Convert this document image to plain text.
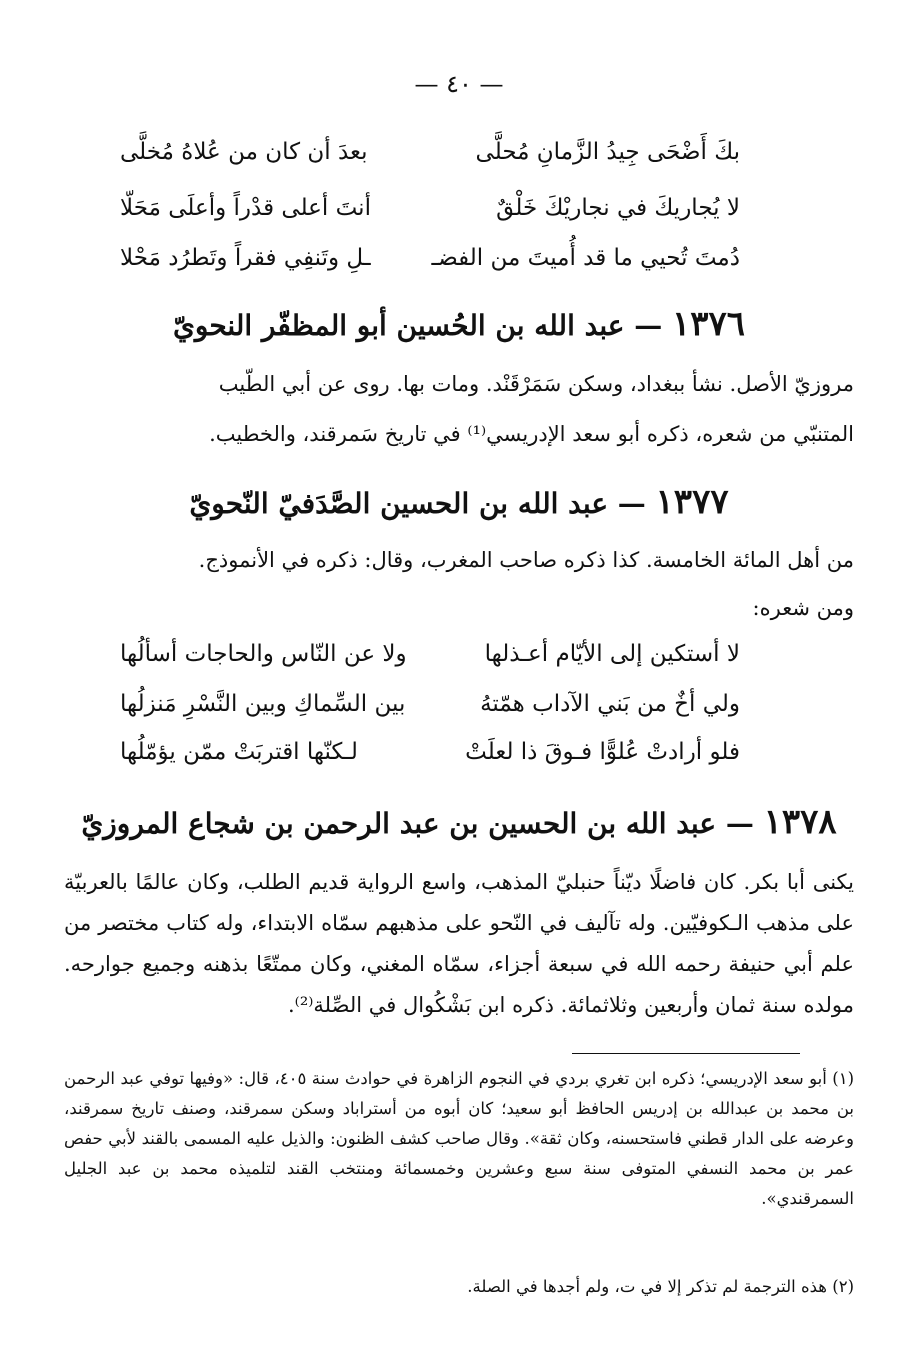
— ٤٠ —
بكَ أَضْحَى جِيدُ الزَّمانِ مُحلَّى
بعدَ أن كان من عُلاهُ مُخلَّى
لا يُجاريكَ في نجاريْكَ خَلْقٌ
أنتَ أعلى قدْراً وأعلَى مَحَلّا
دُمتَ تُحيي ما قد أُميتَ من الفضـ
ـلِ وتَنفِي فقراً وتَطرُد مَحْلا
١٣٧٦ — عبد الله بن الحُسين أبو المظفّر النحويّ
مروزيّ الأصل. نشأ ببغداد، وسكن سَمَرْقَنْد. ومات بها. روى عن أبي الطّيب
المتنبّي من شعره، ذكره أبو سعد الإدريسي⁽¹⁾ في تاريخ سَمرقند، والخطيب.
١٣٧٧ — عبد الله بن الحسين الصَّدَفيّ النّحويّ
من أهل المائة الخامسة. كذا ذكره صاحب المغرب، وقال: ذكره في الأنموذج.
ومن شعره:
لا أستكين إلى الأيّام أعـذلها
ولا عن النّاس والحاجات أسألُها
ولي أخٌ من بَني الآداب همّتهُ
بين السِّماكِ وبين النَّسْرِ مَنزلُها
فلو أرادتْ عُلوًّا فـوقَ ذا لعلَتْ
لـكنّها اقتربَتْ ممّن يؤمّلُها
١٣٧٨ — عبد الله بن الحسين بن عبد الرحمن بن شجاع المروزيّ
يكنى أبا بكر. كان فاضلًا ديّناً حنبليّ المذهب، واسع الرواية قديم الطلب، وكان عالمًا بالعربيّة على مذهب الـكوفيّين. وله تآليف في النّحو على مذهبهم سمّاه الابتداء، وله كتاب مختصر من علم أبي حنيفة رحمه الله في سبعة أجزاء، سمّاه المغني، وكان ممتّعًا بذهنه وجميع جوارحه. مولده سنة ثمان وأربعين وثلاثمائة. ذكره ابن بَشْكُوال في الصِّلة⁽²⁾.
(١) أبو سعد الإدريسي؛ ذكره ابن تغري بردي في النجوم الزاهرة في حوادث سنة ٤٠٥، قال: «وفيها توفي عبد الرحمن بن محمد بن عبدالله بن إدريس الحافظ أبو سعيد؛ كان أبوه من أستراباد وسكن سمرقند، وصنف تاريخ سمرقند، وعرضه على الدار قطني فاستحسنه، وكان ثقة». وقال صاحب كشف الظنون: والذيل عليه المسمى بالقند لأبي حفص عمر بن محمد النسفي المتوفى سنة سبع وعشرين وخمسمائة ومنتخب القند لتلميذه محمد بن عبد الجليل السمرقندي».
(٢) هذه الترجمة لم تذكر إلا في ت، ولم أجدها في الصلة.
